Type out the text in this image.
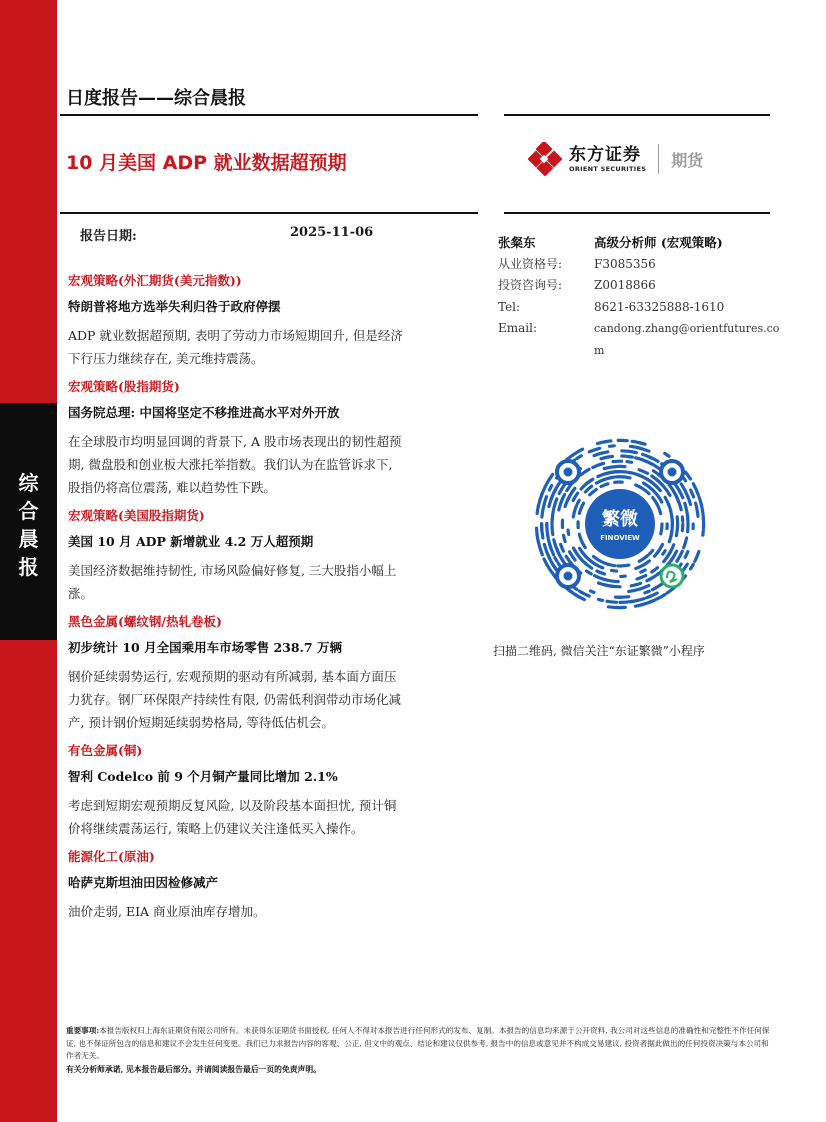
综
合
晨
报
日度报告——综合晨报
10 月美国 ADP 就业数据超预期	东方证券
ORIENT SECURITIES 期货
报告日期:	2025-11-06
宏观策略(外汇期货(美元指数))
特朗普将地方选举失利归咎于政府停摆
ADP 就业数据超预期, 表明了劳动力市场短期回升, 但是经济
下行压力继续存在, 美元维持震荡。
宏观策略(股指期货)
国务院总理: 中国将坚定不移推进高水平对外开放
在全球股市均明显回调的背景下, A 股市场表现出的韧性超预
期, 微盘股和创业板大涨托举指数。我们认为在监管诉求下,
股指仍将高位震荡, 难以趋势性下跌。
宏观策略(美国股指期货)
美国 10 月 ADP 新增就业 4.2 万人超预期
美国经济数据维持韧性, 市场风险偏好修复, 三大股指小幅上
涨。
黑色金属(螺纹钢/热轧卷板)
初步统计 10 月全国乘用车市场零售 238.7 万辆
钢价延续弱势运行, 宏观预期的驱动有所减弱, 基本面方面压
力犹存。钢厂环保限产持续性有限, 仍需低利润带动市场化减
产, 预计钢价短期延续弱势格局, 等待低估机会。
有色金属(铜)
智利 Codelco 前 9 个月铜产量同比增加 2.1%
考虑到短期宏观预期反复风险, 以及阶段基本面担忧, 预计铜
价将继续震荡运行, 策略上仍建议关注逢低买入操作。
能源化工(原油)
哈萨克斯坦油田因检修减产
油价走弱, EIA 商业原油库存增加。
张粲东	高级分析师 (宏观策略)
从业资格号:	F3085356
投资咨询号:	Z0018866
Tel:	8621-63325888-1610
Email:	candong.zhang@orientfutures.co
m
繁微
FINOVIEW
扫描二维码, 微信关注“东证繁微”小程序
重要事项:本报告版权归上海东证期货有限公司所有。未获得东证期货书面授权, 任何人不得对本报告进行任何形式的发布、复制。本报告的信息均来源于公开资料, 我公司对这些信息的准确性和完整性不作任何保证, 也不保证所包含的信息和建议不会发生任何变更。我们已力求报告内容的客观、公正, 但文中的观点、结论和建议仅供参考, 报告中的信息或意见并不构成交易建议, 投资者据此做出的任何投资决策与本公司和作者无关。
有关分析师承诺, 见本报告最后部分。并请阅读报告最后一页的免责声明。
